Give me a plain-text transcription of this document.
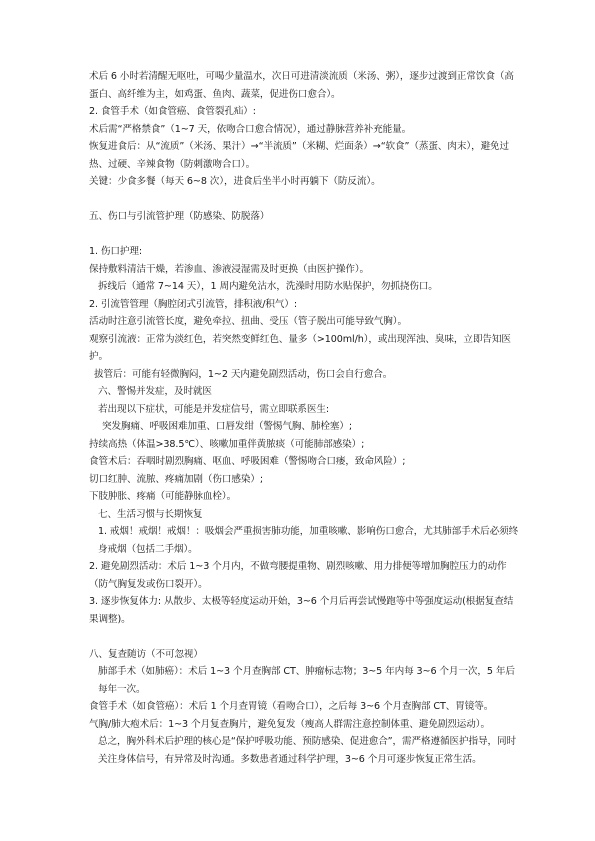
术后 6 小时若清醒无呕吐，可喝少量温水，次日可进清淡流质（米汤、粥），逐步过渡到正常饮食（高蛋白、高纤维为主，如鸡蛋、鱼肉、蔬菜，促进伤口愈合）。
2. 食管手术（如食管癌、食管裂孔疝）:
术后需“严格禁食”（1~7 天，依吻合口愈合情况），通过静脉营养补充能量。
恢复进食后：从“流质”（米汤、果汁）→“半流质”（米糊、烂面条）→“软食”（蒸蛋、肉末），避免过热、过硬、辛辣食物（防刺激吻合口）。
关键：少食多餐（每天 6~8 次），进食后坐半小时再躺下（防反流）。
五、伤口与引流管护理（防感染、防脱落）
1. 伤口护理:
保持敷料清洁干燥，若渗血、渗液浸湿需及时更换（由医护操作）。
拆线后（通常 7~14 天），1 周内避免沾水，洗澡时用防水贴保护，勿抓挠伤口。
2. 引流管管理（胸腔闭式引流管，排积液/积气）:
活动时注意引流管长度，避免牵拉、扭曲、受压（管子脱出可能导致气胸）。
观察引流液：正常为淡红色，若突然变鲜红色、量多（>100ml/h），或出现浑浊、臭味，立即告知医护。
拔管后：可能有轻微胸闷，1~2 天内避免剧烈活动，伤口会自行愈合。
六、警惕并发症，及时就医
若出现以下症状，可能是并发症信号，需立即联系医生:
突发胸痛、呼吸困难加重、口唇发绀（警惕气胸、肺栓塞）;
持续高热（体温>38.5℃）、咳嗽加重伴黄脓痰（可能肺部感染）;
食管术后：吞咽时剧烈胸痛、呕血、呼吸困难（警惕吻合口瘘，致命风险）;
切口红肿、流脓、疼痛加剧（伤口感染）;
下肢肿胀、疼痛（可能静脉血栓）。
七、生活习惯与长期恢复
1. 戒烟！戒烟！戒烟！：吸烟会严重损害肺功能，加重咳嗽、影响伤口愈合，尤其肺部手术后必须终身戒烟（包括二手烟）。
2. 避免剧烈活动：术后 1~3 个月内，不做弯腰提重物、剧烈咳嗽、用力排便等增加胸腔压力的动作（防气胸复发或伤口裂开）。
3. 逐步恢复体力: 从散步、太极等轻度运动开始，3~6 个月后再尝试慢跑等中等强度运动(根据复查结果调整)。
八、复查随访（不可忽视）
肺部手术（如肺癌）：术后 1~3 个月查胸部 CT、肿瘤标志物；3~5 年内每 3~6 个月一次，5 年后每年一次。
食管手术（如食管癌）：术后 1 个月查胃镜（看吻合口），之后每 3~6 个月查胸部 CT、胃镜等。
气胸/肺大疱术后：1~3 个月复查胸片，避免复发（瘦高人群需注意控制体重、避免剧烈运动）。
总之，胸外科术后护理的核心是“保护呼吸功能、预防感染、促进愈合”，需严格遵循医护指导，同时关注身体信号，有异常及时沟通。多数患者通过科学护理，3~6 个月可逐步恢复正常生活。
